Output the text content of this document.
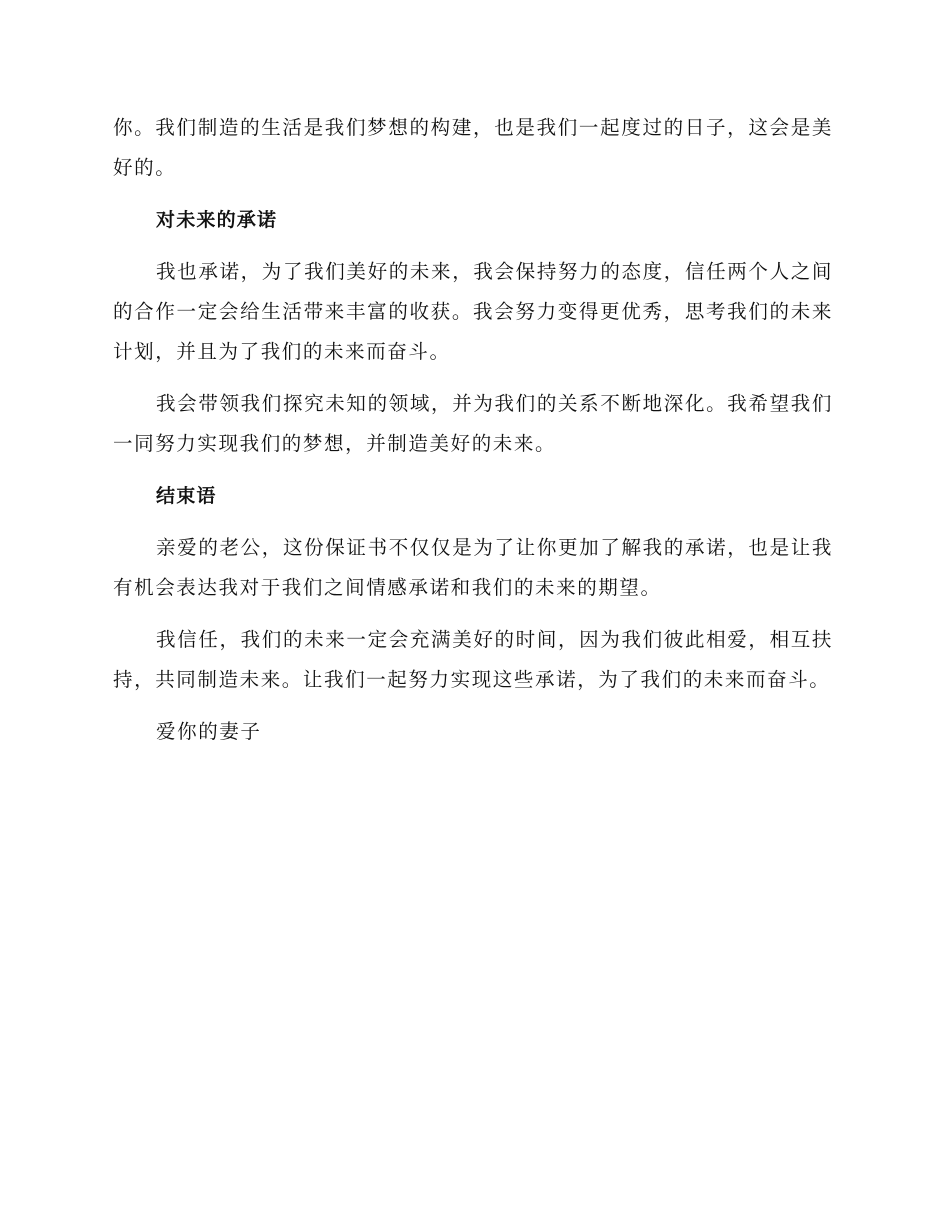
你。我们制造的生活是我们梦想的构建，也是我们一起度过的日子，这会是美好的。

对未来的承诺

我也承诺，为了我们美好的未来，我会保持努力的态度，信任两个人之间的合作一定会给生活带来丰富的收获。我会努力变得更优秀，思考我们的未来计划，并且为了我们的未来而奋斗。

我会带领我们探究未知的领域，并为我们的关系不断地深化。我希望我们一同努力实现我们的梦想，并制造美好的未来。

结束语

亲爱的老公，这份保证书不仅仅是为了让你更加了解我的承诺，也是让我有机会表达我对于我们之间情感承诺和我们的未来的期望。

我信任，我们的未来一定会充满美好的时间，因为我们彼此相爱，相互扶持，共同制造未来。让我们一起努力实现这些承诺，为了我们的未来而奋斗。

爱你的妻子
